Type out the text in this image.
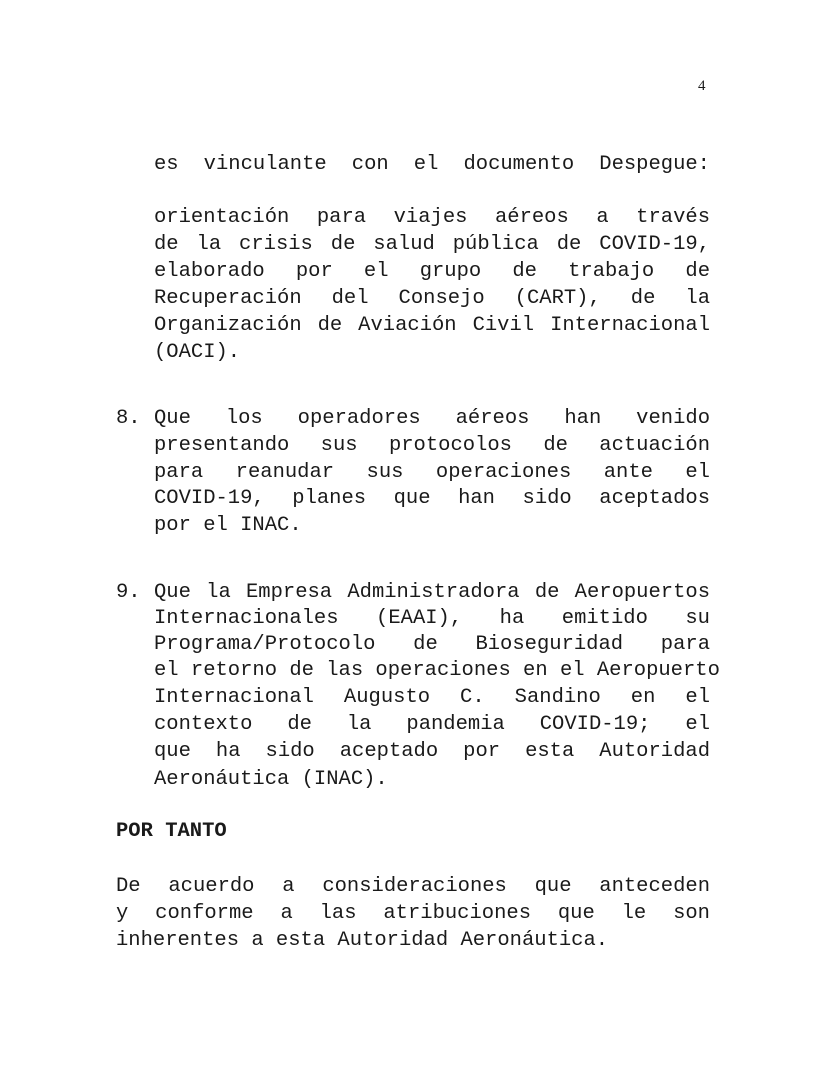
4
es vinculante con el documento Despegue:
orientación para viajes aéreos a través
de la crisis de salud pública de COVID-19,
elaborado por el grupo de trabajo de
Recuperación del Consejo (CART), de la
Organización de Aviación Civil Internacional
(OACI).
8. Que los operadores aéreos han venido
presentando sus protocolos de actuación
para reanudar sus operaciones ante el
COVID-19, planes que han sido aceptados
por el INAC.
9. Que la Empresa Administradora de Aeropuertos
Internacionales (EAAI), ha emitido su
Programa/Protocolo de Bioseguridad para
el retorno de las operaciones en el Aeropuerto
Internacional Augusto C. Sandino en el
contexto de la pandemia COVID-19; el
que ha sido aceptado por esta Autoridad
Aeronáutica (INAC).
POR TANTO
De acuerdo a consideraciones que anteceden
y conforme a las atribuciones que le son
inherentes a esta Autoridad Aeronáutica.
